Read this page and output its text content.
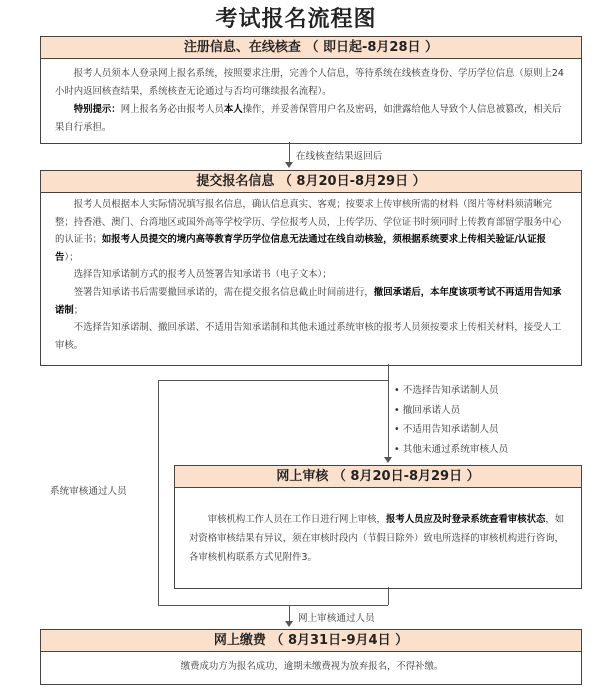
考试报名流程图
注册信息、在线核查 （ 即日起-8月28日 ）

报考人员须本人登录网上报名系统，按照要求注册，完善个人信息，等待系统在线核查身份、学历学位信息（原则上24小时内返回核查结果，系统核查无论通过与否均可继续报名流程）。

特别提示：网上报名务必由报考人员本人操作，并妥善保管用户名及密码，如泄露给他人导致个人信息被篡改，相关后果自行承担。

在线核查结果返回后
提交报名信息 （ 8月20日-8月29日 ）

报考人员根据本人实际情况填写报名信息，确认信息真实、客观；按要求上传审核所需的材料（图片等材料须清晰完整；持香港、澳门、台湾地区或国外高等学校学历、学位报考人员，上传学历、学位证书时须同时上传教育部留学服务中心的认证书；如报考人员提交的境内高等教育学历学位信息无法通过在线自动核验，须根据系统要求上传相关验证/认证报告）；

选择告知承诺制方式的报考人员签署告知承诺书（电子文本）；

签署告知承诺书后需要撤回承诺的，需在提交报名信息截止时间前进行，撤回承诺后，本年度该项考试不再适用告知承诺制；

不选择告知承诺制、撤回承诺、不适用告知承诺制和其他未通过系统审核的报考人员须按要求上传相关材料，接受人工审核。

系统审核通过人员
• 不选择告知承诺制人员
• 撤回承诺人员
• 不适用告知承诺制人员
• 其他未通过系统审核人员
网上审核 （ 8月20日-8月29日 ）

审核机构工作人员在工作日进行网上审核，报考人员应及时登录系统查看审核状态，如对资格审核结果有异议，须在审核时段内（节假日除外）致电所选择的审核机构进行咨询，各审核机构联系方式见附件3。

网上审核通过人员
网上缴费 （ 8月31日-9月4日 ）
缴费成功方为报名成功，逾期未缴费视为放弃报名，不得补缴。
